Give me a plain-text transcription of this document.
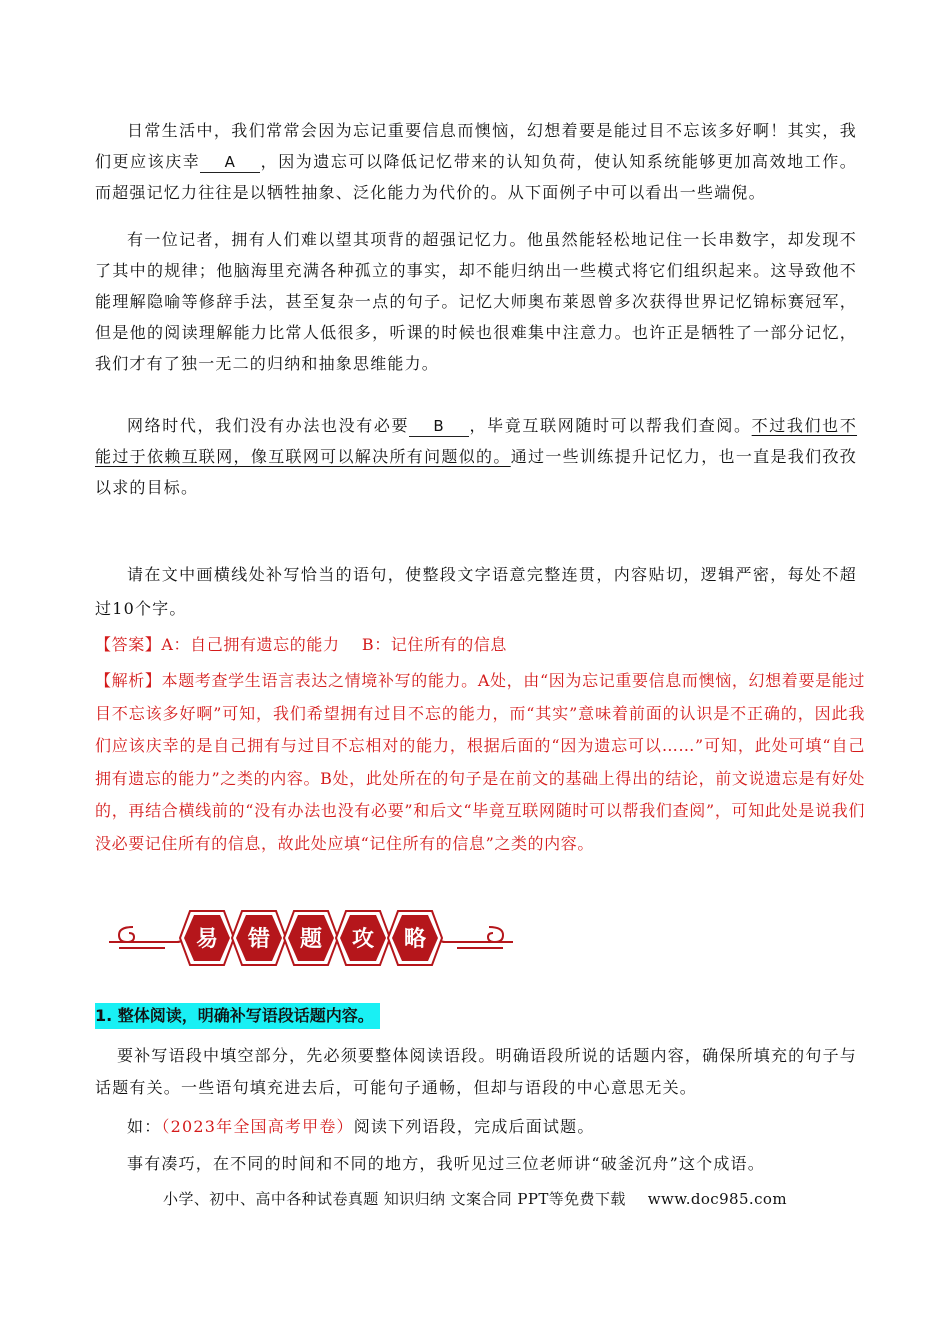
日常生活中，我们常常会因为忘记重要信息而懊恼，幻想着要是能过目不忘该多好啊！其实，我们更应该庆幸 A ，因为遗忘可以降低记忆带来的认知负荷，使认知系统能够更加高效地工作。而超强记忆力往往是以牺牲抽象、泛化能力为代价的。从下面例子中可以看出一些端倪。
有一位记者，拥有人们难以望其项背的超强记忆力。他虽然能轻松地记住一长串数字，却发现不了其中的规律；他脑海里充满各种孤立的事实，却不能归纳出一些模式将它们组织起来。这导致他不能理解隐喻等修辞手法，甚至复杂一点的句子。记忆大师奥布莱恩曾多次获得世界记忆锦标赛冠军，但是他的阅读理解能力比常人低很多，听课的时候也很难集中注意力。也许正是牺牲了一部分记忆，我们才有了独一无二的归纳和抽象思维能力。
网络时代，我们没有办法也没有必要 B ，毕竟互联网随时可以帮我们查阅。不过我们也不能过于依赖互联网，像互联网可以解决所有问题似的。通过一些训练提升记忆力，也一直是我们孜孜以求的目标。
请在文中画横线处补写恰当的语句，使整段文字语意完整连贯，内容贴切，逻辑严密，每处不超过10个字。
【答案】A：自己拥有遗忘的能力　 B：记住所有的信息
【解析】本题考查学生语言表达之情境补写的能力。A处，由“因为忘记重要信息而懊恼，幻想着要是能过目不忘该多好啊”可知，我们希望拥有过目不忘的能力，而“其实”意味着前面的认识是不正确的，因此我们应该庆幸的是自己拥有与过目不忘相对的能力，根据后面的“因为遗忘可以……”可知，此处可填“自己拥有遗忘的能力”之类的内容。B处，此处所在的句子是在前文的基础上得出的结论，前文说遗忘是有好处的，再结合横线前的“没有办法也没有必要”和后文“毕竟互联网随时可以帮我们查阅”，可知此处是说我们没必要记住所有的信息，故此处应填“记住所有的信息”之类的内容。
易 错 题 攻 略
1. 整体阅读，明确补写语段话题内容。
要补写语段中填空部分，先必须要整体阅读语段。明确语段所说的话题内容，确保所填充的句子与话题有关。一些语句填充进去后，可能句子通畅，但却与语段的中心意思无关。
如：（2023年全国高考甲卷）阅读下列语段，完成后面试题。
事有凑巧，在不同的时间和不同的地方，我听见过三位老师讲“破釜沉舟”这个成语。
小学、初中、高中各种试卷真题 知识归纳 文案合同 PPT等免费下载 www.doc985.com
